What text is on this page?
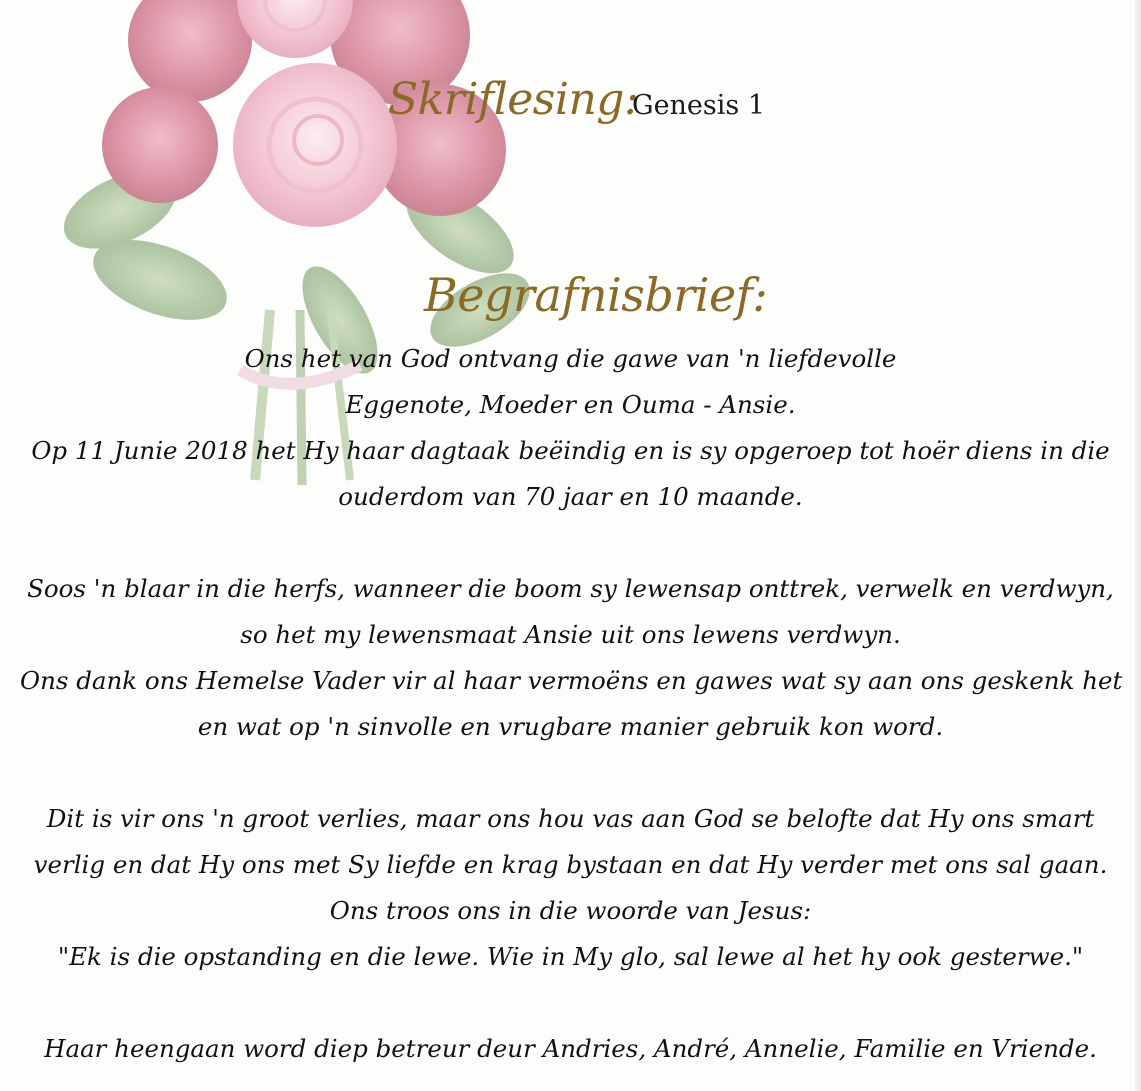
Skriflesing:
Genesis 1
Begrafnisbrief:
Ons het van God ontvang die gawe van 'n liefdevolle
Eggenote, Moeder en Ouma - Ansie.
Op 11 Junie 2018 het Hy haar dagtaak beëindig en is sy opgeroep tot hoër diens in die
ouderdom van 70 jaar en 10 maande.
Soos 'n blaar in die herfs, wanneer die boom sy lewensap onttrek, verwelk en verdwyn,
so het my lewensmaat Ansie uit ons lewens verdwyn.
Ons dank ons Hemelse Vader vir al haar vermoëns en gawes wat sy aan ons geskenk het
en wat op 'n sinvolle en vrugbare manier gebruik kon word.
Dit is vir ons 'n groot verlies, maar ons hou vas aan God se belofte dat Hy ons smart
verlig en dat Hy ons met Sy liefde en krag bystaan en dat Hy verder met ons sal gaan.
Ons troos ons in die woorde van Jesus:
"Ek is die opstanding en die lewe. Wie in My glo, sal lewe al het hy ook gesterwe."
Haar heengaan word diep betreur deur Andries, André, Annelie, Familie en Vriende.
